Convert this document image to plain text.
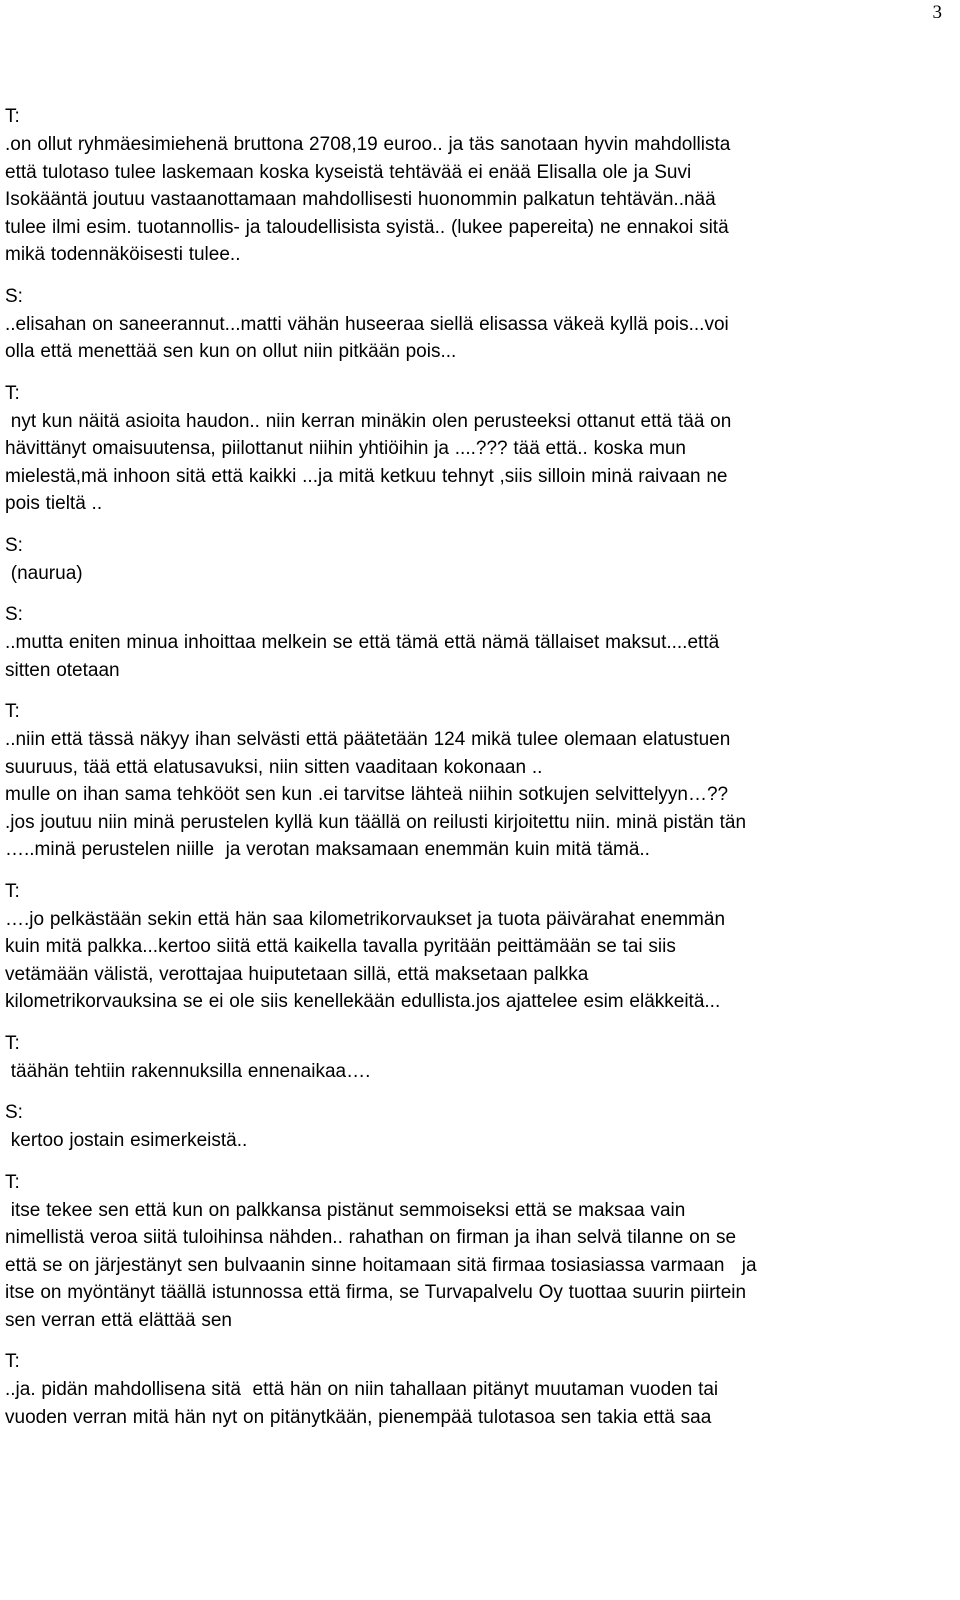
3
T:
.on ollut ryhmäesimiehenä bruttona 2708,19 euroo.. ja täs sanotaan hyvin mahdollista
että tulotaso tulee laskemaan koska kyseistä tehtävää ei enää Elisalla ole ja Suvi
Isokääntä joutuu vastaanottamaan mahdollisesti huonommin palkatun tehtävän..nää
tulee ilmi esim. tuotannollis- ja taloudellisista syistä.. (lukee papereita) ne ennakoi sitä
mikä todennäköisesti tulee..
S:
..elisahan on saneerannut...matti vähän huseeraa siellä elisassa väkeä kyllä pois...voi
olla että menettää sen kun on ollut niin pitkään pois...
T:
nyt kun näitä asioita haudon.. niin kerran minäkin olen perusteeksi ottanut että tää on
hävittänyt omaisuutensa, piilottanut niihin yhtiöihin ja ....??? tää että.. koska mun
mielestä,mä inhoon sitä että kaikki ...ja mitä ketkuu tehnyt ,siis silloin minä raivaan ne
pois tieltä ..
S:
(naurua)
S:
..mutta eniten minua inhoittaa melkein se että tämä että nämä tällaiset maksut....että
sitten otetaan
T:
..niin että tässä näkyy ihan selvästi että päätetään 124 mikä tulee olemaan elatustuen
suuruus, tää että elatusavuksi, niin sitten vaaditaan kokonaan ..
mulle on ihan sama tehkööt sen kun .ei tarvitse lähteä niihin sotkujen selvittelyyn…??
.jos joutuu niin minä perustelen kyllä kun täällä on reilusti kirjoitettu niin. minä pistän tän
…..minä perustelen niille  ja verotan maksamaan enemmän kuin mitä tämä..
T:
….jo pelkästään sekin että hän saa kilometrikorvaukset ja tuota päivärahat enemmän
kuin mitä palkka...kertoo siitä että kaikella tavalla pyritään peittämään se tai siis
vetämään välistä, verottajaa huiputetaan sillä, että maksetaan palkka
kilometrikorvauksina se ei ole siis kenellekään edullista.jos ajattelee esim eläkkeitä...
T:
täähän tehtiin rakennuksilla ennenaikaa….
S:
kertoo jostain esimerkeistä..
T:
itse tekee sen että kun on palkkansa pistänut semmoiseksi että se maksaa vain
nimellistä veroa siitä tuloihinsa nähden.. rahathan on firman ja ihan selvä tilanne on se
että se on järjestänyt sen bulvaanin sinne hoitamaan sitä firmaa tosiasiassa varmaan   ja
itse on myöntänyt täällä istunnossa että firma, se Turvapalvelu Oy tuottaa suurin piirtein
sen verran että elättää sen
T:
..ja. pidän mahdollisena sitä  että hän on niin tahallaan pitänyt muutaman vuoden tai
vuoden verran mitä hän nyt on pitänytkään, pienempää tulotasoa sen takia että saa
